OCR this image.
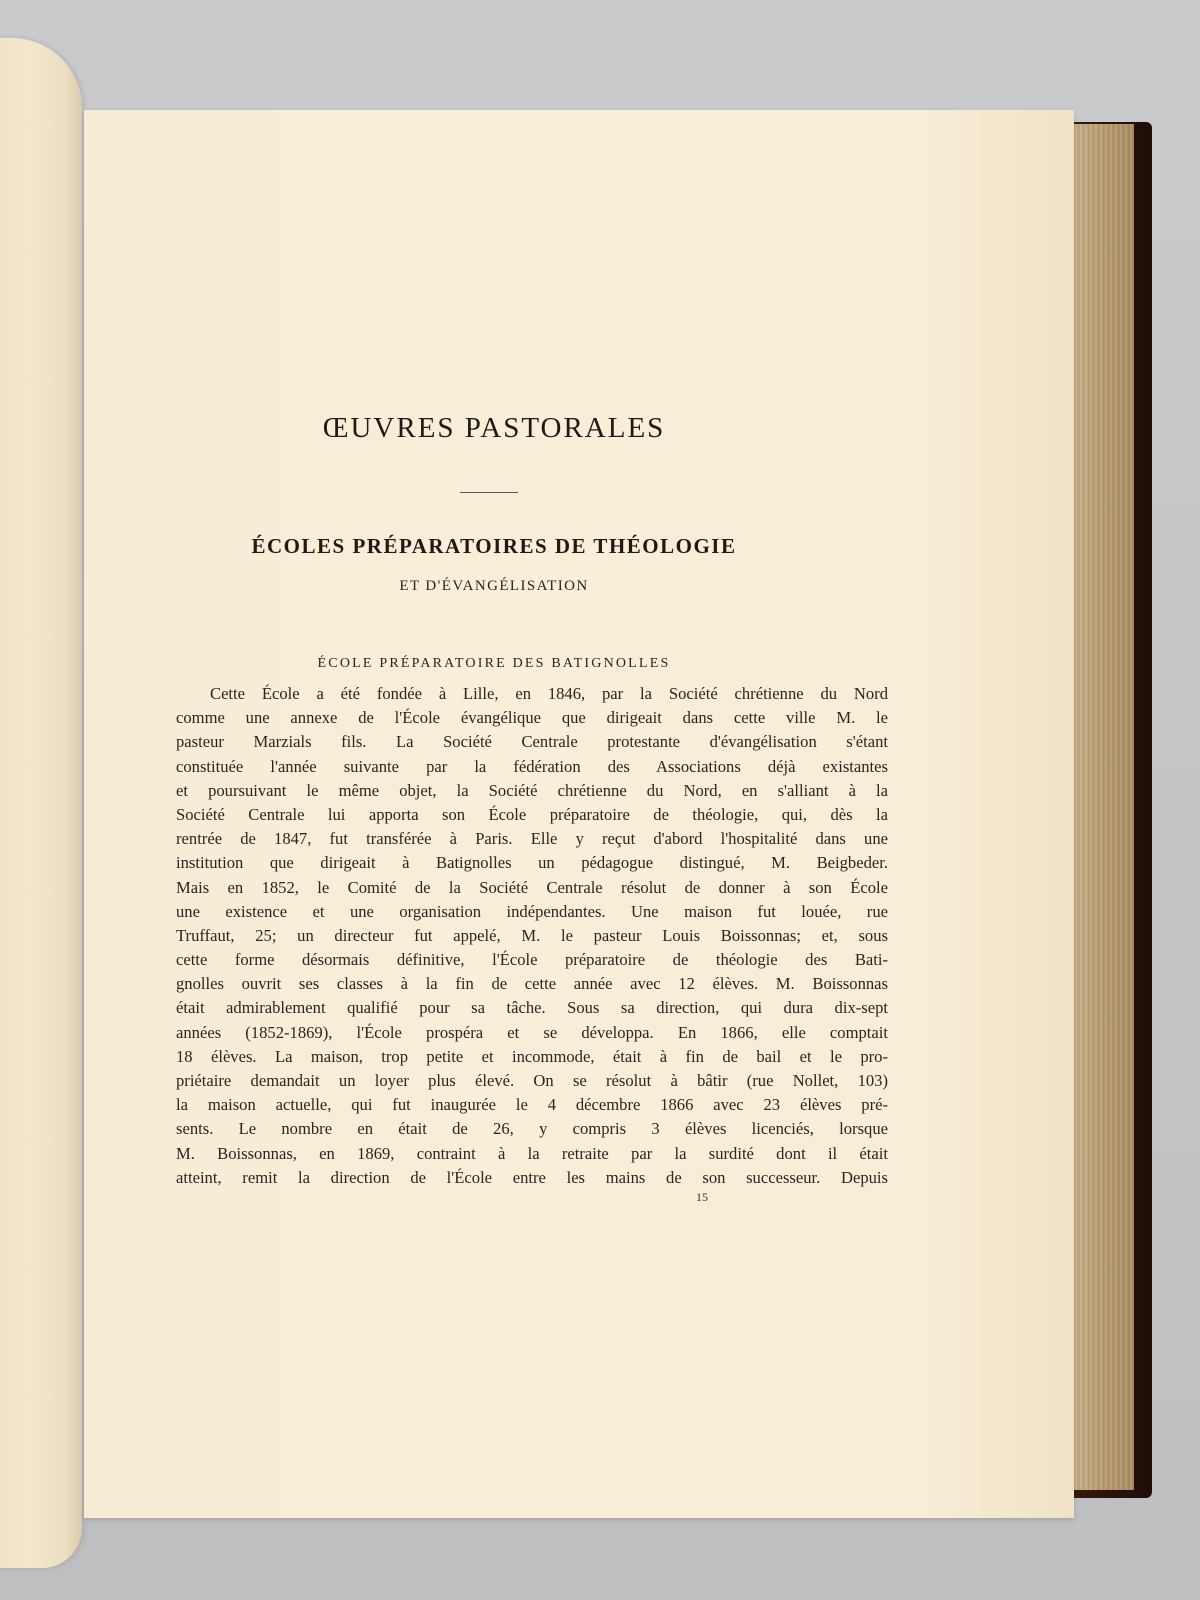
ŒUVRES PASTORALES
ÉCOLES PRÉPARATOIRES DE THÉOLOGIE
ET D'ÉVANGÉLISATION
ÉCOLE PRÉPARATOIRE DES BATIGNOLLES
Cette École a été fondée à Lille, en 1846, par la Société chrétienne du Nord
comme une annexe de l'École évangélique que dirigeait dans cette ville M. le
pasteur Marzials fils. La Société Centrale protestante d'évangélisation s'étant
constituée l'année suivante par la fédération des Associations déjà existantes
et poursuivant le même objet, la Société chrétienne du Nord, en s'alliant à la
Société Centrale lui apporta son École préparatoire de théologie, qui, dès la
rentrée de 1847, fut transférée à Paris. Elle y reçut d'abord l'hospitalité dans une
institution que dirigeait à Batignolles un pédagogue distingué, M. Beigbeder.
Mais en 1852, le Comité de la Société Centrale résolut de donner à son École
une existence et une organisation indépendantes. Une maison fut louée, rue
Truffaut, 25; un directeur fut appelé, M. le pasteur Louis Boissonnas; et, sous
cette forme désormais définitive, l'École préparatoire de théologie des Bati-
gnolles ouvrit ses classes à la fin de cette année avec 12 élèves. M. Boissonnas
était admirablement qualifié pour sa tâche. Sous sa direction, qui dura dix-sept
années (1852-1869), l'École prospéra et se développa. En 1866, elle comptait
18 élèves. La maison, trop petite et incommode, était à fin de bail et le pro-
priétaire demandait un loyer plus élevé. On se résolut à bâtir (rue Nollet, 103)
la maison actuelle, qui fut inaugurée le 4 décembre 1866 avec 23 élèves pré-
sents. Le nombre en était de 26, y compris 3 élèves licenciés, lorsque
M. Boissonnas, en 1869, contraint à la retraite par la surdité dont il était
atteint, remit la direction de l'École entre les mains de son successeur. Depuis
15
